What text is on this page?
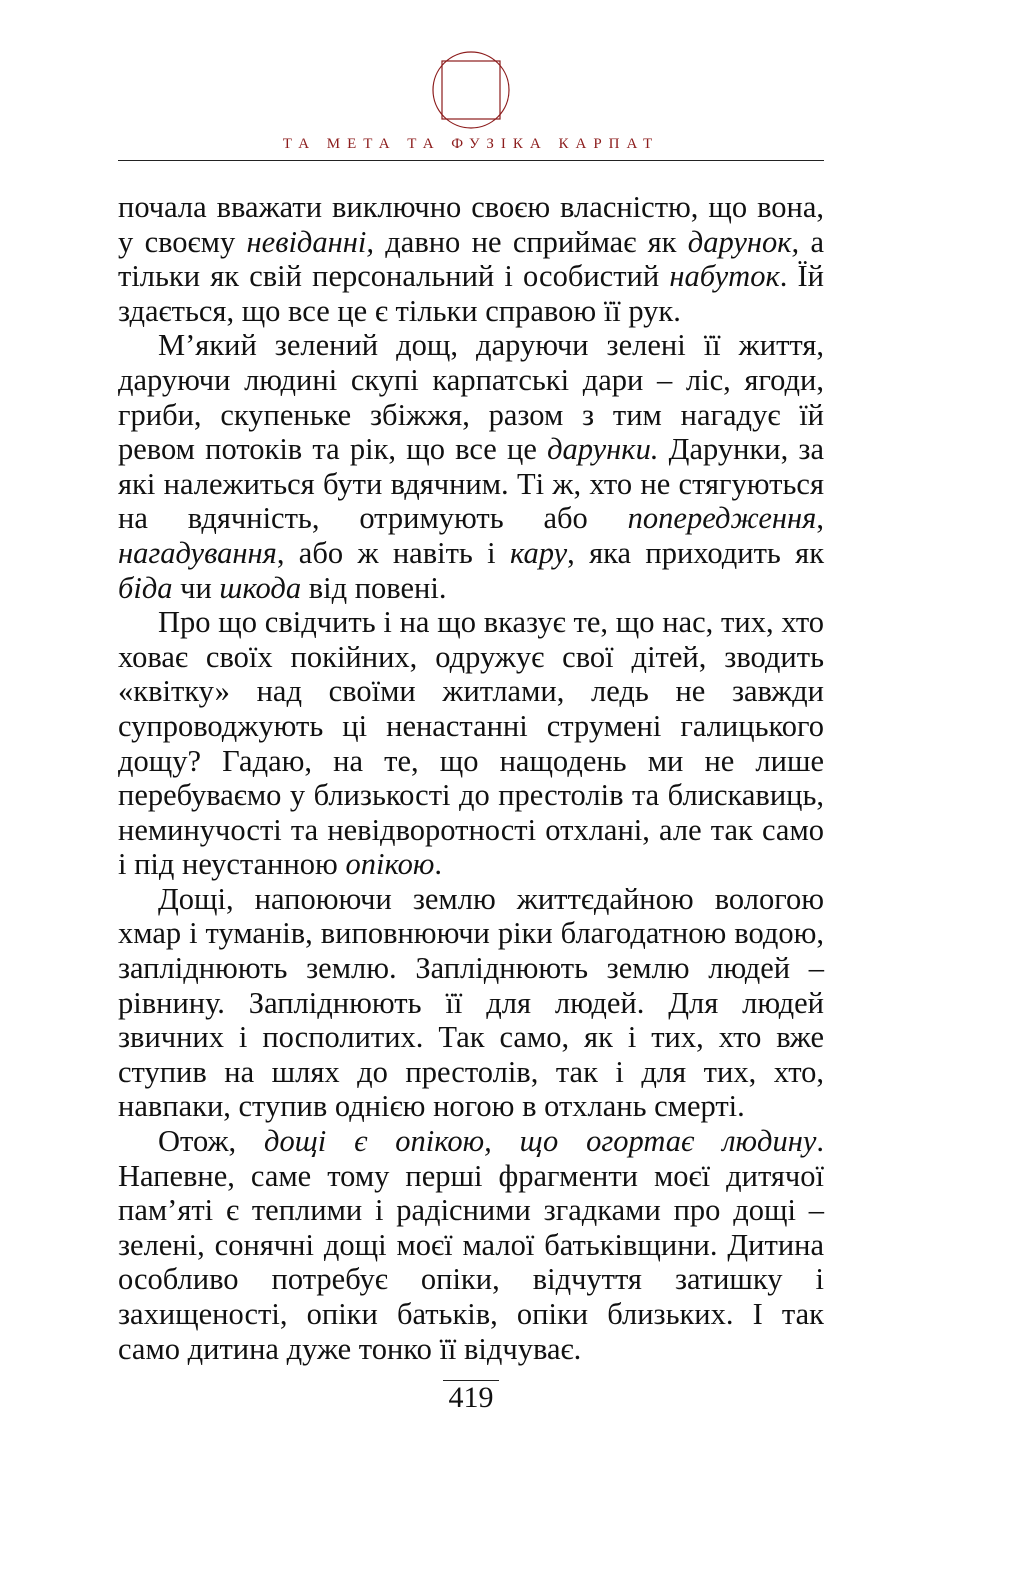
ТА МЕТА ТА ФУЗІКА КАРПАТ

почала вважати виключно своєю власністю, що вона, у своєму невіданні, давно не сприймає як дарунок, а тільки як свій персональний і особистий набуток. Їй здається, що все це є тільки справою її рук.

М’який зелений дощ, даруючи зелені її життя, даруючи людині скупі карпатські дари – ліс, ягоди, гриби, скупеньке збіжжя, разом з тим нагадує їй ревом потоків та рік, що все це дарунки. Дарунки, за які належиться бути вдячним. Ті ж, хто не стягуються на вдячність, отримують або попередження, нагадування, або ж навіть і кару, яка приходить як біда чи шкода від повені.

Про що свідчить і на що вказує те, що нас, тих, хто ховає своїх покійних, одружує свої дітей, зводить «квітку» над своїми житлами, ледь не завжди супроводжують ці ненастанні струмені галицького дощу? Гадаю, на те, що нащодень ми не лише перебуваємо у близькості до престолів та блискавиць, неминучості та невідворотності отхлані, але так само і під неустанною опікою.

Дощі, напоюючи землю життєдайною вологою хмар і туманів, виповнюючи ріки благодатною водою, запліднюють землю. Запліднюють землю людей – рівнину. Запліднюють її для людей. Для людей звичних і посполитих. Так само, як і тих, хто вже ступив на шлях до престолів, так і для тих, хто, навпаки, ступив однією ногою в отхлань смерті.

Отож, дощі є опікою, що огортає людину. Напевне, саме тому перші фрагменти моєї дитячої пам’яті є теплими і радісними згадками про дощі – зелені, сонячні дощі моєї малої батьківщини. Дитина особливо потребує опіки, відчуття затишку і захищеності, опіки батьків, опіки близьких. І так само дитина дуже тонко її відчуває.

419
